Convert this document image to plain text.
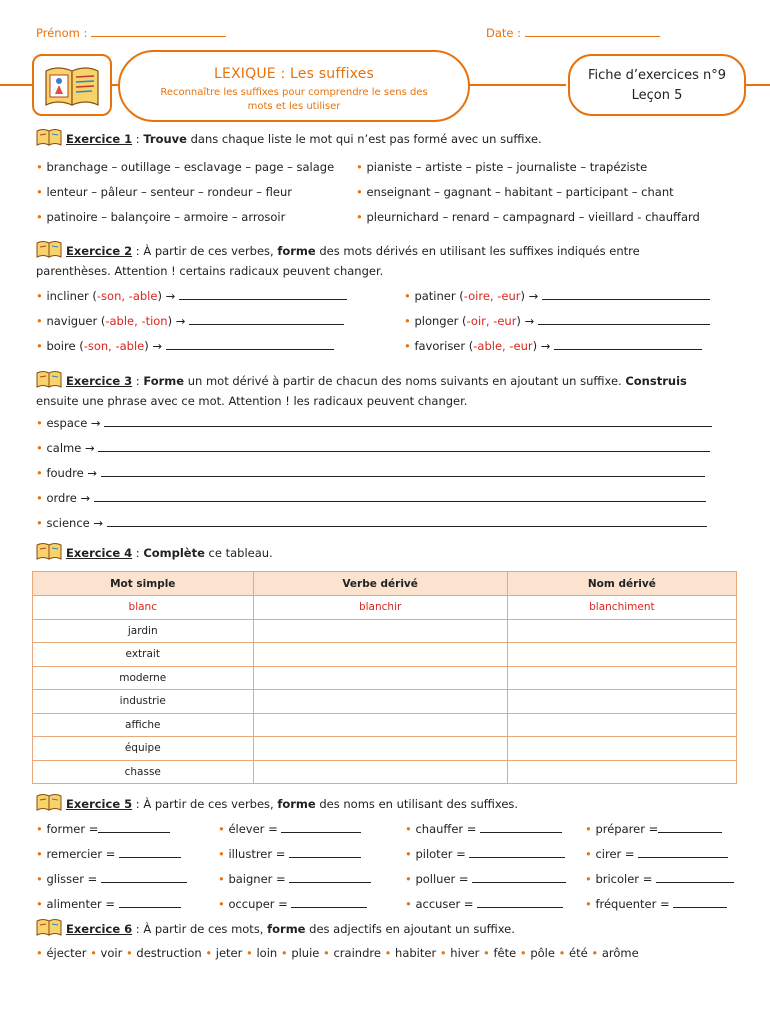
Prénom :	Date :
LEXIQUE : Les suffixes
Reconnaître les suffixes pour comprendre le sens des mots et les utiliser
Fiche d’exercices n°9
Leçon 5
Exercice 1 : Trouve dans chaque liste le mot qui n’est pas formé avec un suffixe.
• branchage – outillage – esclavage – page – salage
• lenteur – pâleur – senteur – rondeur – fleur
• patinoire – balançoire – armoire – arrosoir
• pianiste – artiste – piste – journaliste – trapéziste
• enseignant – gagnant – habitant – participant – chant
• pleurnichard – renard – campagnard – vieillard - chauffard
Exercice 2 : À partir de ces verbes, forme des mots dérivés en utilisant les suffixes indiqués entre
parenthèses. Attention ! certains radicaux peuvent changer.
• incliner (-son, -able) →	• patiner (-oire, -eur) →
• naviguer (-able, -tion) →	• plonger (-oir, -eur) →
• boire (-son, -able) →	• favoriser (-able, -eur) →
Exercice 3 : Forme un mot dérivé à partir de chacun des noms suivants en ajoutant un suffixe. Construis
ensuite une phrase avec ce mot. Attention ! les radicaux peuvent changer.
• espace →
• calme →
• foudre →
• ordre →
• science →
Exercice 4 : Complète ce tableau.
Mot simple	Verbe dérivé	Nom dérivé
blanc	blanchir	blanchiment
jardin		
extrait		
moderne		
industrie		
affiche		
équipe		
chasse		
Exercice 5 : À partir de ces verbes, forme des noms en utilisant des suffixes.
• former =	• élever =	• chauffer =	• préparer =
• remercier =	• illustrer =	• piloter =	• cirer =
• glisser =	• baigner =	• polluer =	• bricoler =
• alimenter =	• occuper =	• accuser =	• fréquenter =
Exercice 6 : À partir de ces mots, forme des adjectifs en ajoutant un suffixe.
• éjecter • voir • destruction • jeter • loin • pluie • craindre • habiter • hiver • fête • pôle • été • arôme
